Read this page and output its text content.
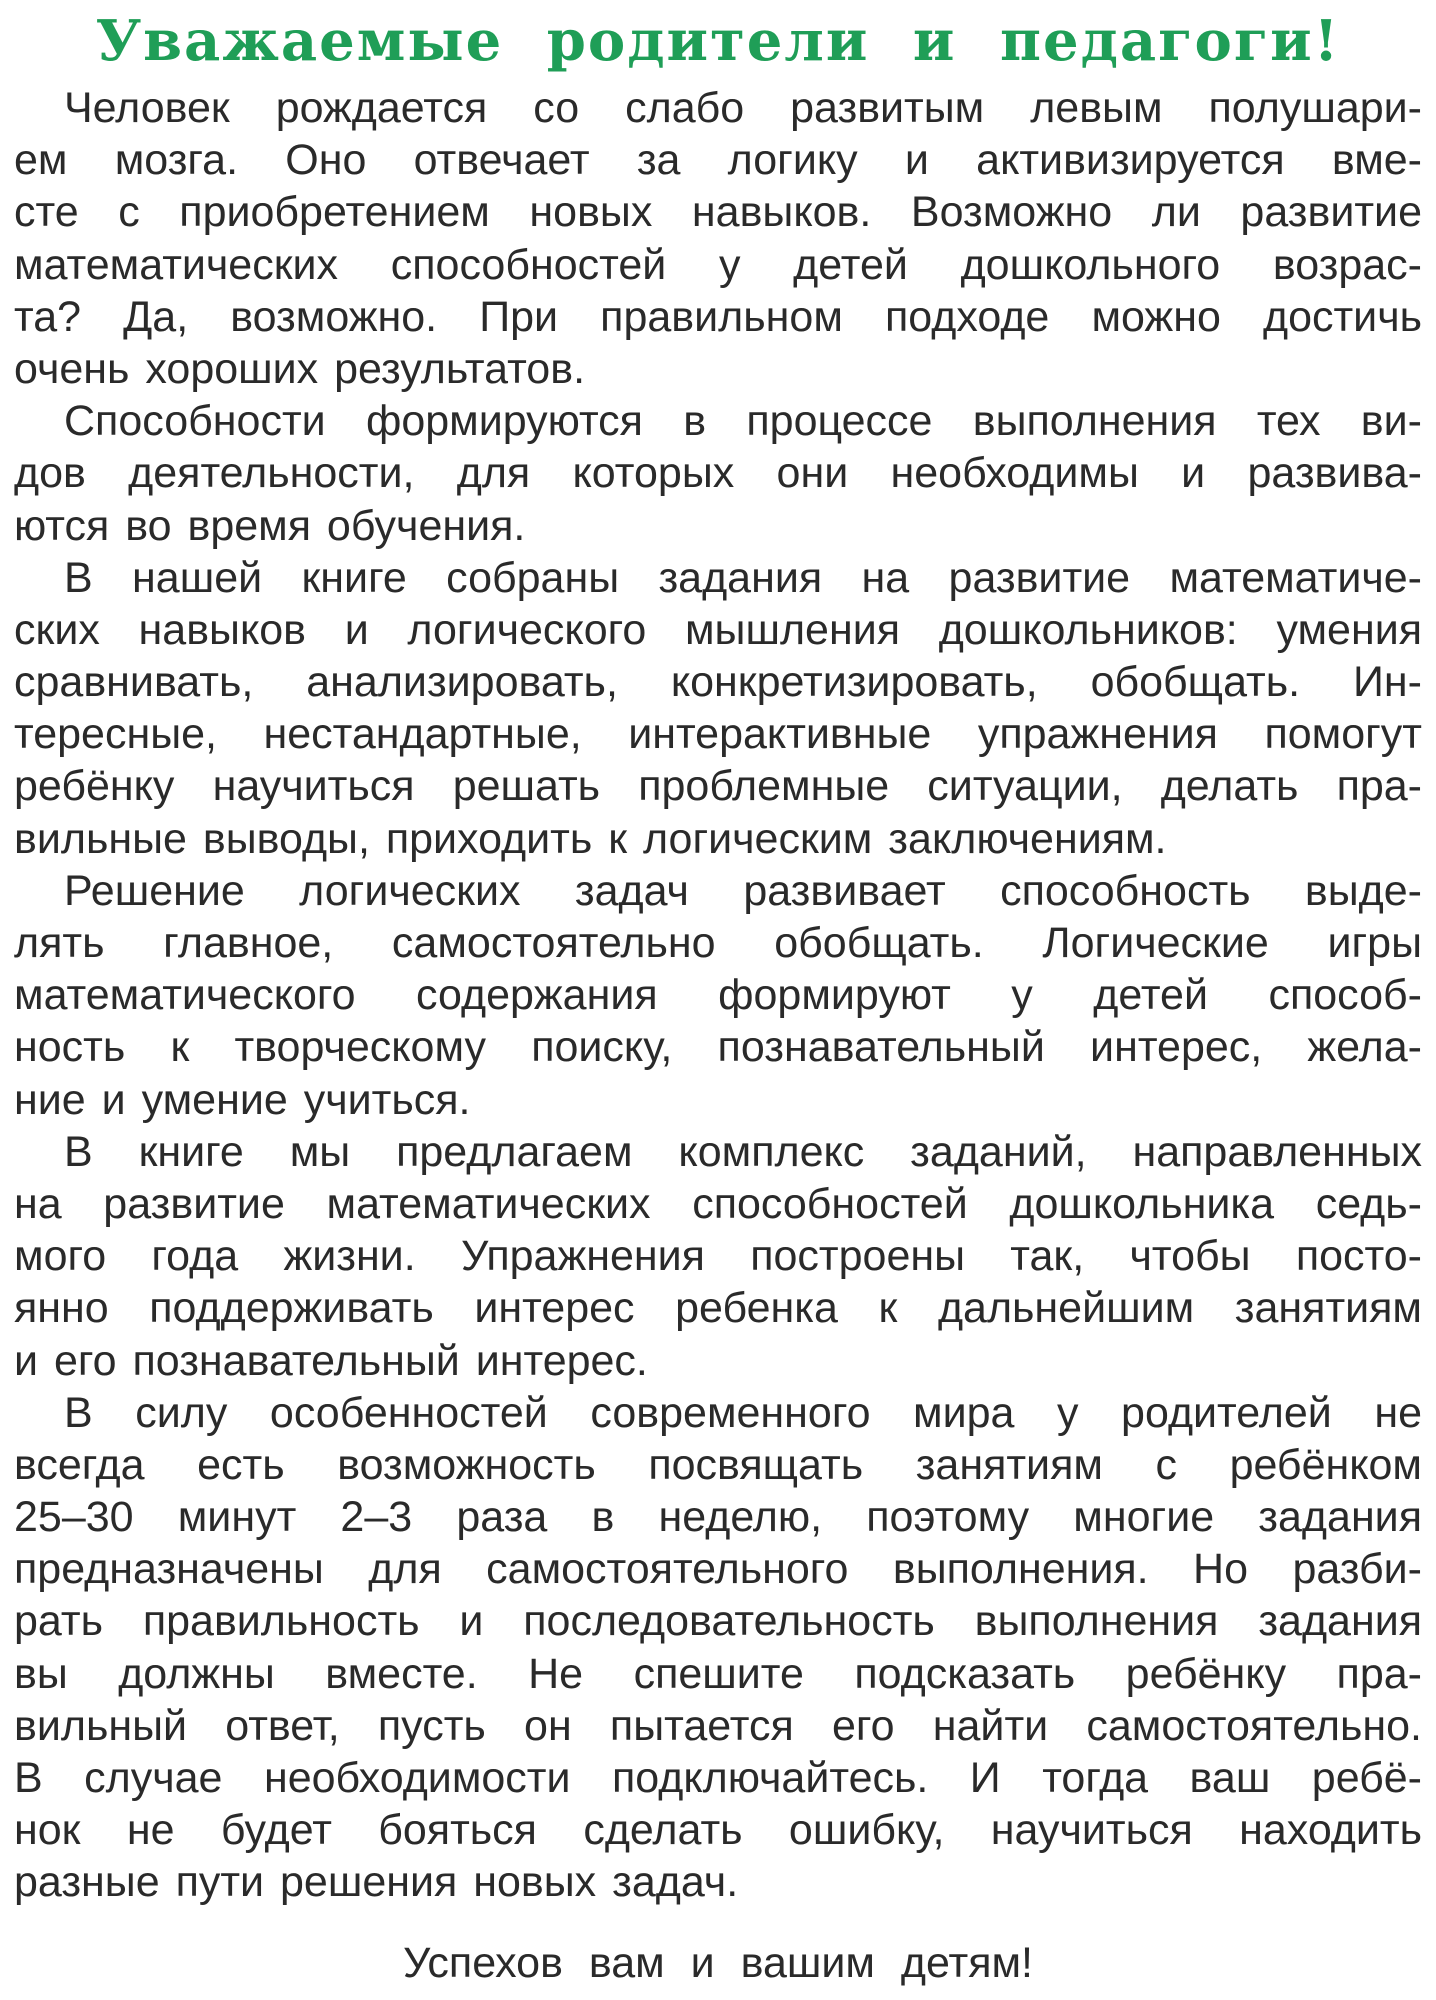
Уважаемые родители и педагоги!

Человек рождается со слабо развитым левым полушари-
ем мозга. Оно отвечает за логику и активизируется вме-
сте с приобретением новых навыков. Возможно ли развитие
математических способностей у детей дошкольного возрас-
та? Да, возможно. При правильном подходе можно достичь
очень хороших результатов.

Способности формируются в процессе выполнения тех ви-
дов деятельности, для которых они необходимы и развива-
ются во время обучения.

В нашей книге собраны задания на развитие математиче-
ских навыков и логического мышления дошкольников: умения
сравнивать, анализировать, конкретизировать, обобщать. Ин-
тересные, нестандартные, интерактивные упражнения помогут
ребёнку научиться решать проблемные ситуации, делать пра-
вильные выводы, приходить к логическим заключениям.

Решение логических задач развивает способность выде-
лять главное, самостоятельно обобщать. Логические игры
математического содержания формируют у детей способ-
ность к творческому поиску, познавательный интерес, жела-
ние и умение учиться.

В книге мы предлагаем комплекс заданий, направленных
на развитие математических способностей дошкольника седь-
мого года жизни. Упражнения построены так, чтобы посто-
янно поддерживать интерес ребенка к дальнейшим занятиям
и его познавательный интерес.

В силу особенностей современного мира у родителей не
всегда есть возможность посвящать занятиям с ребёнком
25–30 минут 2–3 раза в неделю, поэтому многие задания
предназначены для самостоятельного выполнения. Но разби-
рать правильность и последовательность выполнения задания
вы должны вместе. Не спешите подсказать ребёнку пра-
вильный ответ, пусть он пытается его найти самостоятельно.
В случае необходимости подключайтесь. И тогда ваш ребё-
нок не будет бояться сделать ошибку, научиться находить
разные пути решения новых задач.

Успехов вам и вашим детям!
